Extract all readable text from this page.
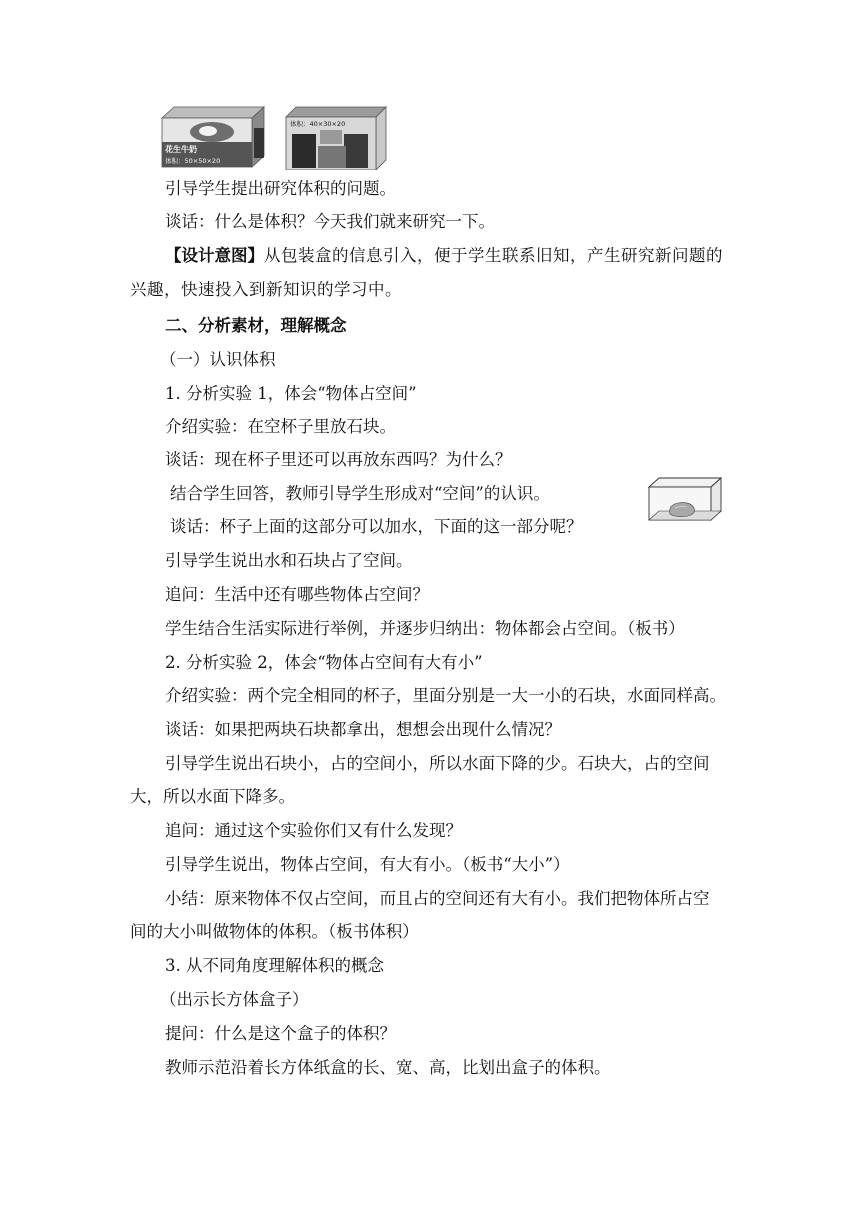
花生牛奶
体积：50×50×20
体积：40×30×20
引导学生提出研究体积的问题。
谈话：什么是体积？今天我们就来研究一下。
【设计意图】从包装盒的信息引入，便于学生联系旧知，产生研究新问题的
兴趣，快速投入到新知识的学习中。
二、分析素材，理解概念
（一）认识体积
1. 分析实验 1，体会“物体占空间”
介绍实验：在空杯子里放石块。
谈话：现在杯子里还可以再放东西吗？为什么？
结合学生回答，教师引导学生形成对“空间”的认识。
谈话：杯子上面的这部分可以加水，下面的这一部分呢？
引导学生说出水和石块占了空间。
追问：生活中还有哪些物体占空间？
学生结合生活实际进行举例，并逐步归纳出：物体都会占空间。（板书）
2. 分析实验 2，体会“物体占空间有大有小”
介绍实验：两个完全相同的杯子，里面分别是一大一小的石块，水面同样高。
谈话：如果把两块石块都拿出，想想会出现什么情况？
引导学生说出石块小，占的空间小，所以水面下降的少。石块大，占的空间
大，所以水面下降多。
追问：通过这个实验你们又有什么发现？
引导学生说出，物体占空间，有大有小。（板书“大小”）
小结：原来物体不仅占空间，而且占的空间还有大有小。我们把物体所占空
间的大小叫做物体的体积。（板书体积）
3. 从不同角度理解体积的概念
（出示长方体盒子）
提问：什么是这个盒子的体积？
教师示范沿着长方体纸盒的长、宽、高，比划出盒子的体积。
